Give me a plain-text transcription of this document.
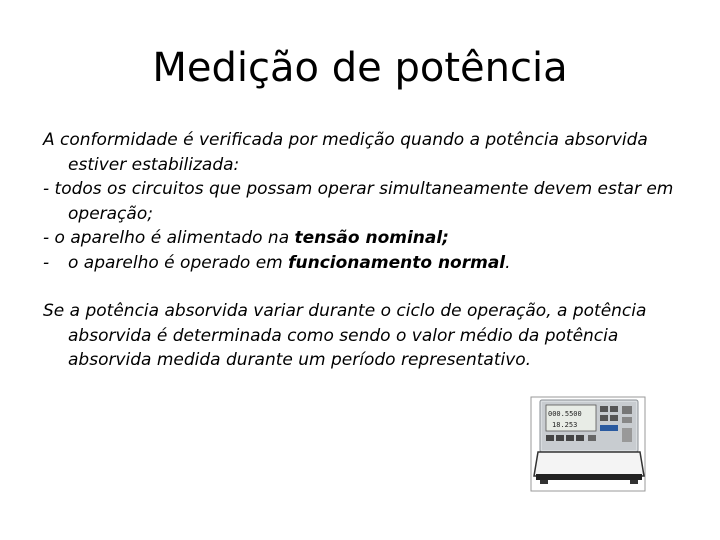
Medição de potência

A conformidade é verificada por medição quando a potência absorvida estiver estabilizada:

- todos os circuitos que possam operar simultaneamente devem estar em operação;

- o aparelho é alimentado na tensão nominal;

- o aparelho é operado em funcionamento normal.

Se a potência absorvida variar durante o ciclo de operação, a potência absorvida é determinada como sendo o valor médio da potência absorvida medida durante um período representativo.

000.5500
18.253
